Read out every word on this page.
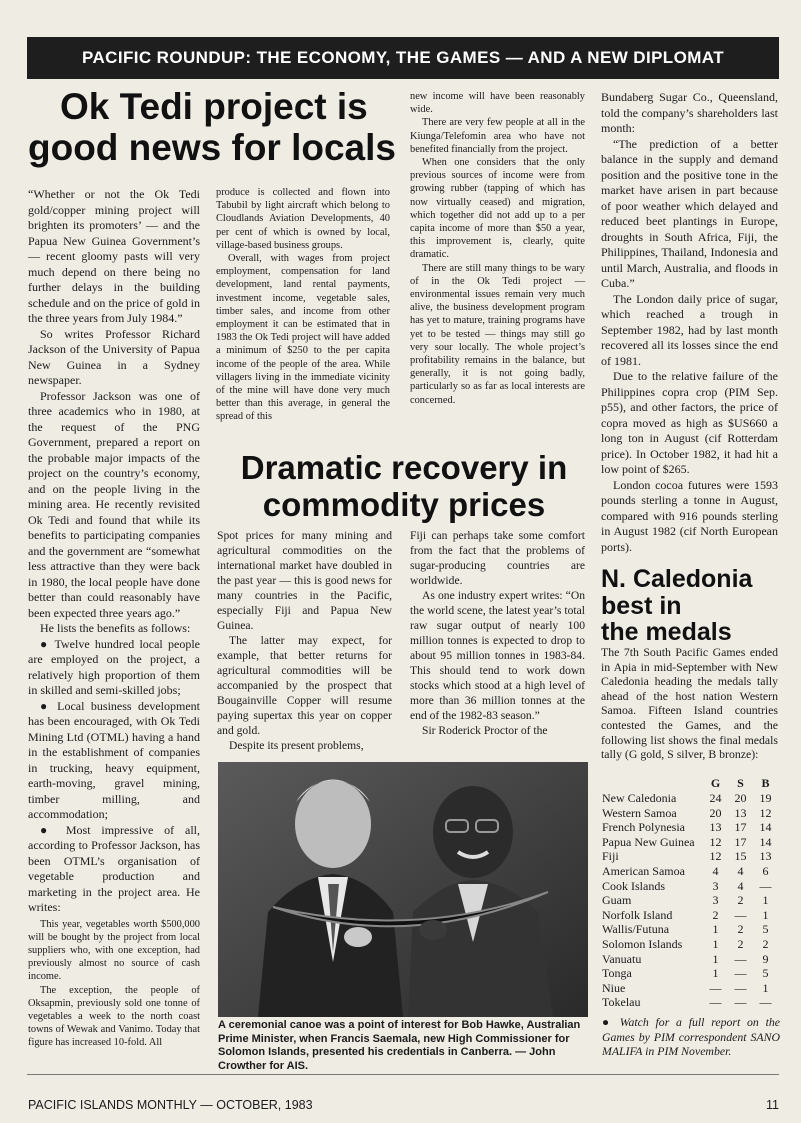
PACIFIC ROUNDUP: THE ECONOMY, THE GAMES — AND A NEW DIPLOMAT
Ok Tedi project is
good news for locals

“Whether or not the Ok Tedi gold/copper mining project will brighten its promoters’ — and the Papua New Guinea Government’s — recent gloomy pasts will very much depend on there being no further delays in the building schedule and on the price of gold in the three years from July 1984.”

So writes Professor Richard Jackson of the University of Papua New Guinea in a Sydney newspaper.

Professor Jackson was one of three academics who in 1980, at the request of the PNG Government, prepared a report on the probable major impacts of the project on the country’s economy, and on the people living in the mining area. He recently revisited Ok Tedi and found that while its benefits to participating companies and the government are “somewhat less attractive than they were back in 1980, the local people have done better than could reasonably have been expected three years ago.”

He lists the benefits as follows:

● Twelve hundred local people are employed on the project, a relatively high proportion of them in skilled and semi-skilled jobs;

● Local business development has been encouraged, with Ok Tedi Mining Ltd (OTML) having a hand in the establishment of companies in trucking, heavy equipment, earth-moving, gravel mining, timber milling, and accommodation;

● Most impressive of all, according to Professor Jackson, has been OTML’s organisation of vegetable production and marketing in the project area. He writes:

This year, vegetables worth $500,000 will be bought by the project from local suppliers who, with one exception, had previously almost no source of cash income.

The exception, the people of Oksapmin, previously sold one tonne of vegetables a week to the north coast towns of Wewak and Vanimo. Today that figure has increased 10-fold. All

produce is collected and flown into Tabubil by light aircraft which belong to Cloudlands Aviation Developments, 40 per cent of which is owned by local, village-based business groups.

Overall, with wages from project employment, compensation for land development, land rental payments, investment income, vegetable sales, timber sales, and income from other employment it can be estimated that in 1983 the Ok Tedi project will have added a minimum of $250 to the per capita income of the people of the area. While villagers living in the immediate vicinity of the mine will have done very much better than this average, in general the spread of this

new income will have been reasonably wide.

There are very few people at all in the Kiunga/Telefomin area who have not benefited financially from the project.

When one considers that the only previous sources of income were from growing rubber (tapping of which has now virtually ceased) and migration, which together did not add up to a per capita income of more than $50 a year, this improvement is, clearly, quite dramatic.

There are still many things to be wary of in the Ok Tedi project — environmental issues remain very much alive, the business development program has yet to mature, training programs have yet to be tested — things may still go very sour locally. The whole project’s profitability remains in the balance, but generally, it is not going badly, particularly so as far as local interests are concerned.

Dramatic recovery in
commodity prices

Spot prices for many mining and agricultural commodities on the international market have doubled in the past year — this is good news for many countries in the Pacific, especially Fiji and Papua New Guinea.

The latter may expect, for example, that better returns for agricultural commodities will be accompanied by the prospect that Bougainville Copper will resume paying supertax this year on copper and gold.

Despite its present problems,

Fiji can perhaps take some comfort from the fact that the problems of sugar-producing countries are worldwide.

As one industry expert writes: “On the world scene, the latest year’s total raw sugar output of nearly 100 million tonnes is expected to drop to about 95 million tonnes in 1983-84. This should tend to work down stocks which stood at a high level of more than 36 million tonnes at the end of the 1982-83 season.”

Sir Roderick Proctor of the

Bundaberg Sugar Co., Queensland, told the company’s shareholders last month:

“The prediction of a better balance in the supply and demand position and the positive tone in the market have arisen in part because of poor weather which delayed and reduced beet plantings in Europe, droughts in South Africa, Fiji, the Philippines, Thailand, Indonesia and until March, Australia, and floods in Cuba.”

The London daily price of sugar, which reached a trough in September 1982, had by last month recovered all its losses since the end of 1981.

Due to the relative failure of the Philippines copra crop (PIM Sep. p55), and other factors, the price of copra moved as high as $US660 a long ton in August (cif Rotterdam price). In October 1982, it had hit a low point of $265.

London cocoa futures were 1593 pounds sterling a tonne in August, compared with 916 pounds sterling in August 1982 (cif North European ports).

A ceremonial canoe was a point of interest for Bob Hawke, Australian Prime Minister, when Francis Saemala, new High Commissioner for Solomon Islands, presented his credentials in Canberra. — John Crowther for AIS.
N. Caledonia
best in
the medals

The 7th South Pacific Games ended in Apia in mid-September with New Caledonia heading the medals tally ahead of the host nation Western Samoa. Fifteen Island countries contested the Games, and the following list shows the final medals tally (G gold, S silver, B bronze):

	G	S	B
New Caledonia	24	20	19
Western Samoa	20	13	12
French Polynesia	13	17	14
Papua New Guinea	12	17	14
Fiji	12	15	13
American Samoa	4	4	6
Cook Islands	3	4	—
Guam	3	2	1
Norfolk Island	2	—	1
Wallis/Futuna	1	2	5
Solomon Islands	1	2	2
Vanuatu	1	—	9
Tonga	1	—	5
Niue	—	—	1
Tokelau	—	—	—
● Watch for a full report on the Games by PIM correspondent SANO MALIFA in PIM November.
PACIFIC ISLANDS MONTHLY — OCTOBER, 1983	11
